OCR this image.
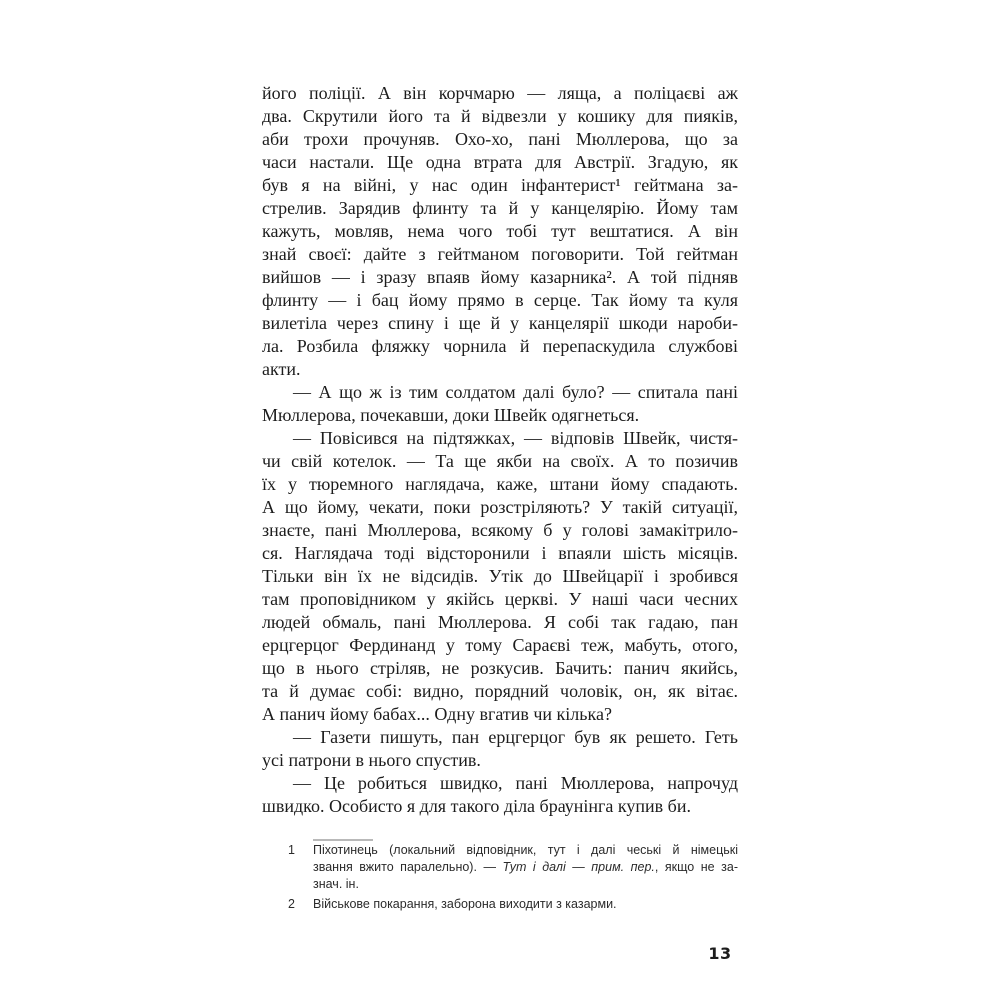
його поліції. А він корчмарю — ляща, а поліцаєві аж
два. Скрутили його та й відвезли у кошику для пияків,
аби трохи прочуняв. Охо-хо, пані Мюллерова, що за
часи настали. Ще одна втрата для Австрії. Згадую, як
був я на війні, у нас один інфантерист¹ гейтмана за-
стрелив. Зарядив флинту та й у канцелярію. Йому там
кажуть, мовляв, нема чого тобі тут вештатися. А він
знай своєї: дайте з гейтманом поговорити. Той гейтман
вийшов — і зразу впаяв йому казарника². А той підняв
флинту — і бац йому прямо в серце. Так йому та куля
вилетіла через спину і ще й у канцелярії шкоди нароби-
ла. Розбила фляжку чорнила й перепаскудила службові
акти.
— А що ж із тим солдатом далі було? — спитала пані
Мюллерова, почекавши, доки Швейк одягнеться.
— Повісився на підтяжках, — відповів Швейк, чистя-
чи свій котелок. — Та ще якби на своїх. А то позичив
їх у тюремного наглядача, каже, штани йому спадають.
А що йому, чекати, поки розстріляють? У такій ситуації,
знаєте, пані Мюллерова, всякому б у голові замакітрило-
ся. Наглядача тоді відсторонили і впаяли шість місяців.
Тільки він їх не відсидів. Утік до Швейцарії і зробився
там проповідником у якійсь церкві. У наші часи чесних
людей обмаль, пані Мюллерова. Я собі так гадаю, пан
ерцгерцог Фердинанд у тому Сараєві теж, мабуть, отого,
що в нього стріляв, не розкусив. Бачить: панич якийсь,
та й думає собі: видно, порядний чоловік, он, як вітає.
А панич йому бабах... Одну вгатив чи кілька?
— Газети пишуть, пан ерцгерцог був як решето. Геть
усі патрони в нього спустив.
— Це робиться швидко, пані Мюллерова, напрочуд
швидко. Особисто я для такого діла браунінга купив би.
1	Піхотинець (локальний відповідник, тут і далі чеські й німецькі
звання вжито паралельно). — Тут і далі — прим. пер., якщо не за-
знач. ін.
2	Військове покарання, заборона виходити з казарми.
13
